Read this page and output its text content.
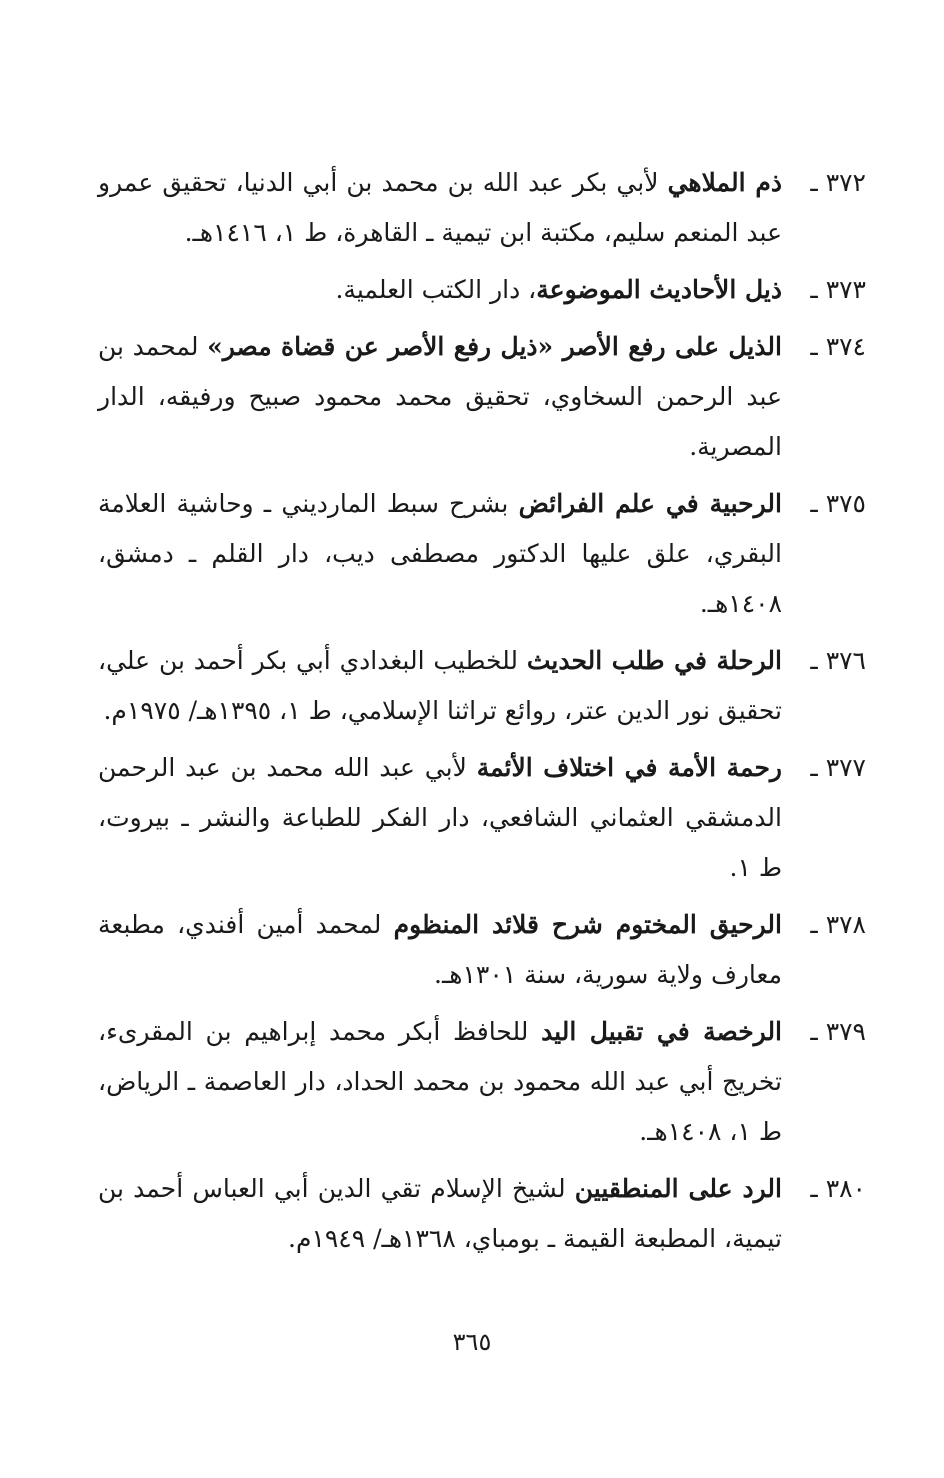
٣٧٢ ـ
ذم الملاهي لأبي بكر عبد الله بن محمد بن أبي الدنيا، تحقيق عمرو عبد المنعم سليم، مكتبة ابن تيمية ـ القاهرة، ط ١، ١٤١٦هـ.
٣٧٣ ـ
ذيل الأحاديث الموضوعة، دار الكتب العلمية.
٣٧٤ ـ
الذيل على رفع الأصر «ذيل رفع الأصر عن قضاة مصر» لمحمد بن عبد الرحمن السخاوي، تحقيق محمد محمود صبيح ورفيقه، الدار المصرية.
٣٧٥ ـ
الرحبية في علم الفرائض بشرح سبط المارديني ـ وحاشية العلامة البقري، علق عليها الدكتور مصطفى ديب، دار القلم ـ دمشق، ١٤٠٨هـ.
٣٧٦ ـ
الرحلة في طلب الحديث للخطيب البغدادي أبي بكر أحمد بن علي، تحقيق نور الدين عتر، روائع تراثنا الإسلامي، ط ١، ١٣٩٥هـ/ ١٩٧٥م.
٣٧٧ ـ
رحمة الأمة في اختلاف الأئمة لأبي عبد الله محمد بن عبد الرحمن الدمشقي العثماني الشافعي، دار الفكر للطباعة والنشر ـ بيروت، ط ١.
٣٧٨ ـ
الرحيق المختوم شرح قلائد المنظوم لمحمد أمين أفندي، مطبعة معارف ولاية سورية، سنة ١٣٠١هـ.
٣٧٩ ـ
الرخصة في تقبيل اليد للحافظ أبكر محمد إبراهيم بن المقرىء، تخريج أبي عبد الله محمود بن محمد الحداد، دار العاصمة ـ الرياض، ط ١، ١٤٠٨هـ.
٣٨٠ ـ
الرد على المنطقيين لشيخ الإسلام تقي الدين أبي العباس أحمد بن تيمية، المطبعة القيمة ـ بومباي، ١٣٦٨هـ/ ١٩٤٩م.
٣٦٥
